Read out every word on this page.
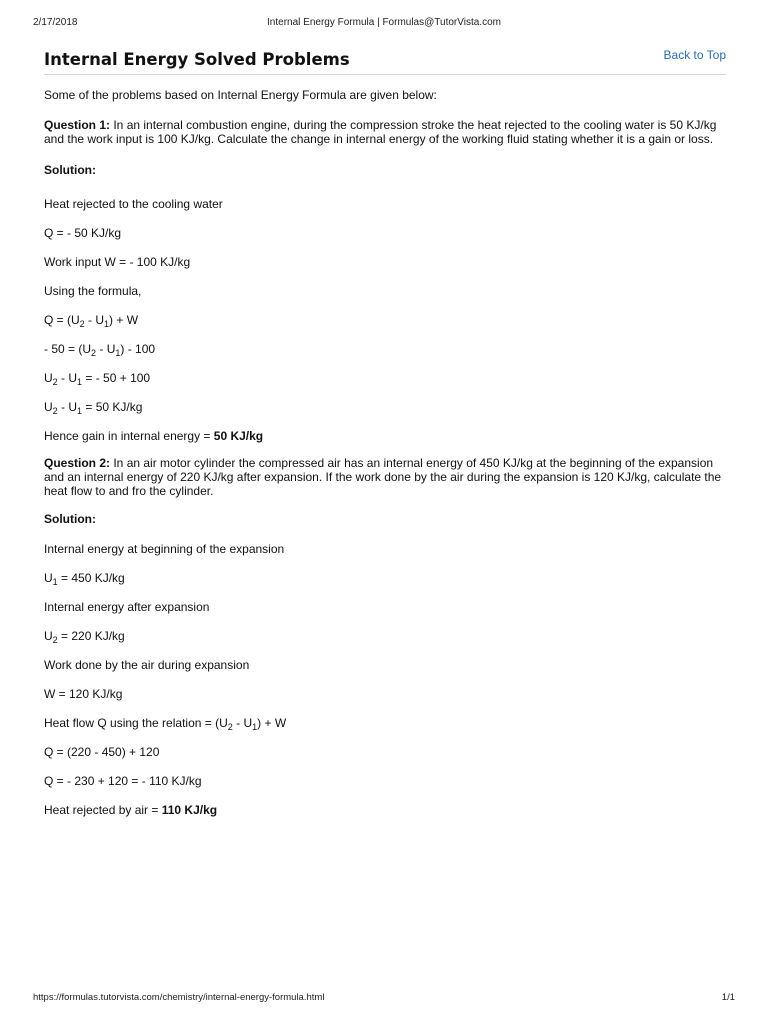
2/17/2018	Internal Energy Formula | Formulas@TutorVista.com
Internal Energy Solved Problems	Back to Top

Some of the problems based on Internal Energy Formula are given below:

Question 1: In an internal combustion engine, during the compression stroke the heat rejected to the cooling water is 50 KJ/kg and the work input is 100 KJ/kg. Calculate the change in internal energy of the working fluid stating whether it is a gain or loss.

Solution:

Heat rejected to the cooling water

Q = - 50 KJ/kg

Work input W = - 100 KJ/kg

Using the formula,

$Q = (U_2 - U_1) + W$

- $50 = (U_2 - U_1) - 100$

$U_2 - U_1$ = - 50 + 100

$U_2 - U_1 = 50$ KJ/kg

Hence gain in internal energy = 50 KJ/kg

Question 2: In an air motor cylinder the compressed air has an internal energy of 450 KJ/kg at the beginning of the expansion and an internal energy of 220 KJ/kg after expansion. If the work done by the air during the expansion is 120 KJ/kg, calculate the heat flow to and fro the cylinder.

Solution:

Internal energy at beginning of the expansion

$U_1 = 450$ KJ/kg

Internal energy after expansion

$U_2 = 220$ KJ/kg

Work done by the air during expansion

W = 120 KJ/kg

Heat flow Q using the relation = $(U_2 - U_1) + W$

Q = (220 - 450) + 120

Q = - 230 + 120 = - 110 KJ/kg

Heat rejected by air = 110 KJ/kg

https://formulas.tutorvista.com/chemistry/internal-energy-formula.html	1/1
